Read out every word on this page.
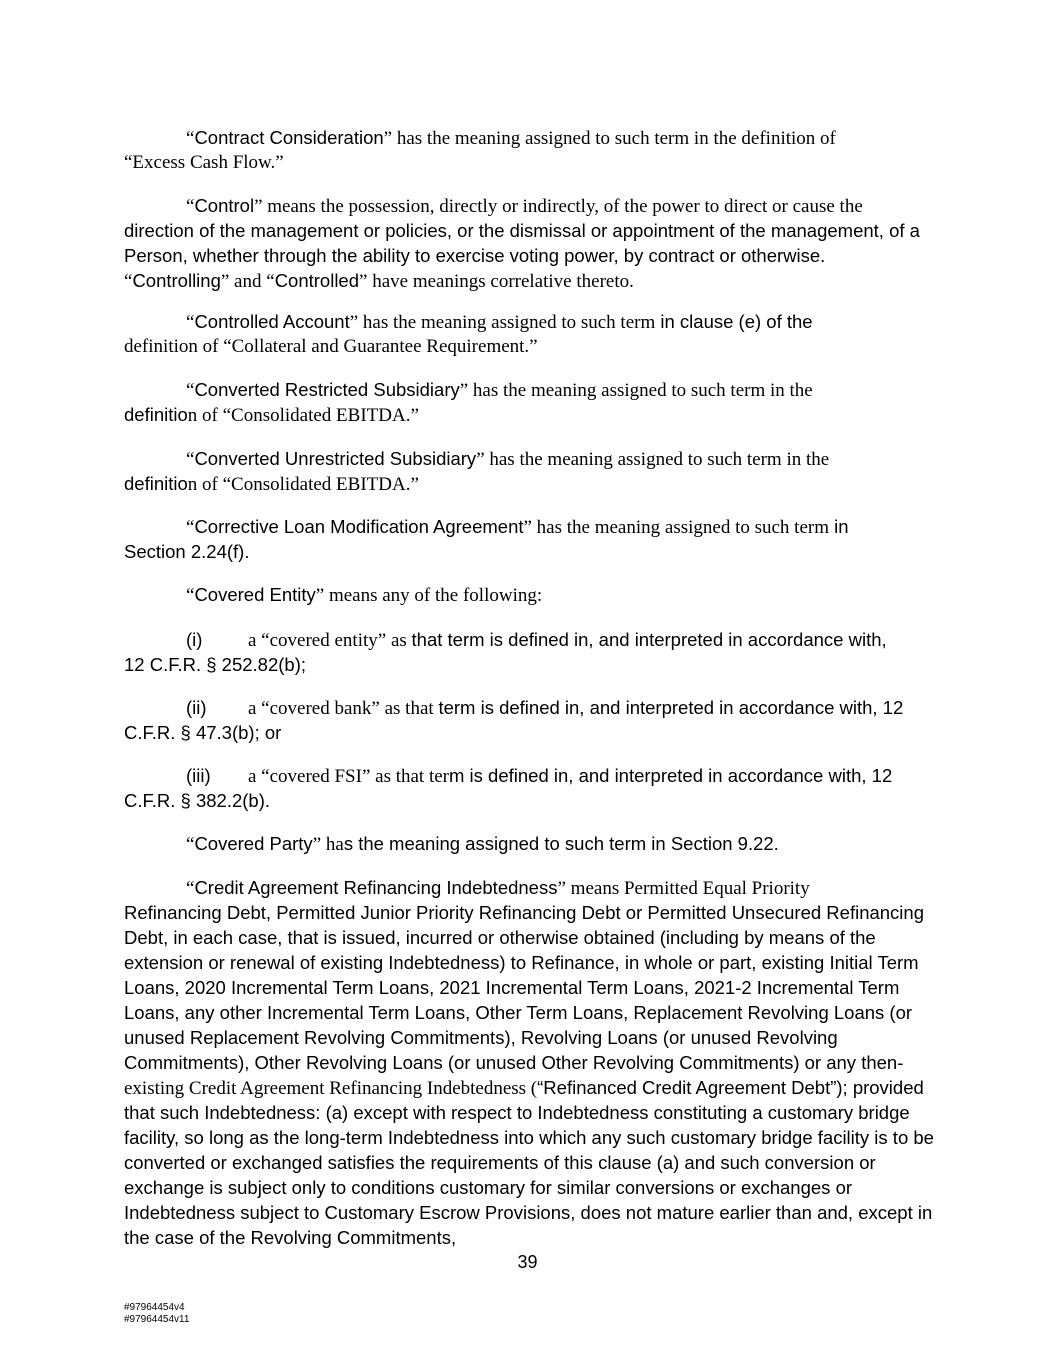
“Contract Consideration” has the meaning assigned to such term in the definition of
“Excess Cash Flow.”
“Control” means the possession, directly or indirectly, of the power to direct or cause the
direction of the management or policies, or the dismissal or appointment of the management, of a Person, whether through the ability to exercise voting power, by contract or otherwise.
“Controlling” and “Controlled” have meanings correlative thereto.
“Controlled Account” has the meaning assigned to such term in clause (e) of the
definition of “Collateral and Guarantee Requirement.”
“Converted Restricted Subsidiary” has the meaning assigned to such term in the
definition of “Consolidated EBITDA.”
“Converted Unrestricted Subsidiary” has the meaning assigned to such term in the
definition of “Consolidated EBITDA.”
“Corrective Loan Modification Agreement” has the meaning assigned to such term in
Section 2.24(f).
“Covered Entity” means any of the following:
(i) a “covered entity” as that term is defined in, and interpreted in accordance with,
12 C.F.R. § 252.82(b);
(ii) a “covered bank” as that term is defined in, and interpreted in accordance with, 12
C.F.R. § 47.3(b); or
(iii) a “covered FSI” as that term is defined in, and interpreted in accordance with, 12
C.F.R. § 382.2(b).
“Covered Party” has the meaning assigned to such term in Section 9.22.
“Credit Agreement Refinancing Indebtedness” means Permitted Equal Priority
Refinancing Debt, Permitted Junior Priority Refinancing Debt or Permitted Unsecured Refinancing Debt, in each case, that is issued, incurred or otherwise obtained (including by means of the extension or renewal of existing Indebtedness) to Refinance, in whole or part, existing Initial Term Loans, 2020 Incremental Term Loans, 2021 Incremental Term Loans, 2021-2 Incremental Term Loans, any other Incremental Term Loans, Other Term Loans, Replacement Revolving Loans (or unused Replacement Revolving Commitments), Revolving Loans (or unused Revolving Commitments), Other Revolving Loans (or unused Other Revolving Commitments) or any then-existing Credit Agreement Refinancing Indebtedness (“Refinanced Credit Agreement Debt”); provided that such Indebtedness: (a) except with respect to Indebtedness constituting a customary bridge facility, so long as the long-term Indebtedness into which any such customary bridge facility is to be converted or exchanged satisfies the requirements of this clause (a) and such conversion or exchange is subject only to conditions customary for similar conversions or exchanges or Indebtedness subject to Customary Escrow Provisions, does not mature earlier than and, except in the case of the Revolving Commitments,
39
#97964454v4
#97964454v11
